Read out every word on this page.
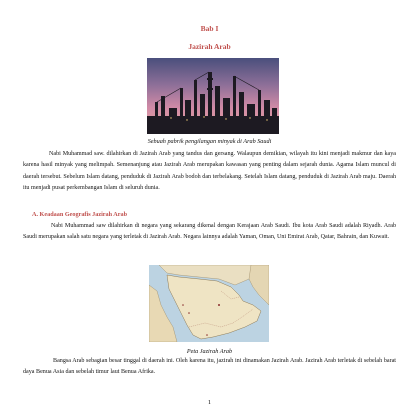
Bab I
Jazirah Arab
Sebuah pabrik pengilangan minyak di Arab Saudi

Nabi Muhammad saw. dilahirkan di Jazirah Arab yang tandus dan gersang. Walaupun demikian, wilayah itu kini menjadi makmur dan kaya karena hasil minyak yang melimpah. Semenanjung atau Jazirah Arab merupakan kawasan yang penting dalam sejarah dunia. Agama Islam muncul di daerah tersebut. Sebelum Islam datang, penduduk di Jazirah Arab bodoh dan terbelakang. Setelah Islam datang, penduduk di Jazirah Arab maju. Daerah itu menjadi pusat perkembangan Islam di seluruh dunia.

A. Keadaan Geografis Jazirah Arab

Nabi Muhammad saw dilahirkan di negara yang sekarang dikenal dengan Kerajaan Arab Saudi. Ibu kota Arab Saudi adalah Riyadh. Arab Saudi merupakan salah satu negara yang terletak di Jazirah Arab. Negara lainnya adalah Yaman, Oman, Uni Emirat Arab, Qatar, Bahrain, dan Kuwait.

Peta Jazirah Arab

Bangsa Arab sebagian besar tinggal di daerah ini. Oleh karena itu, jazirah ini dinamakan Jazirah Arab. Jazirah Arab terletak di sebelah barat daya Benua Asia dan sebelah timur laut Benua Afrika.

1
